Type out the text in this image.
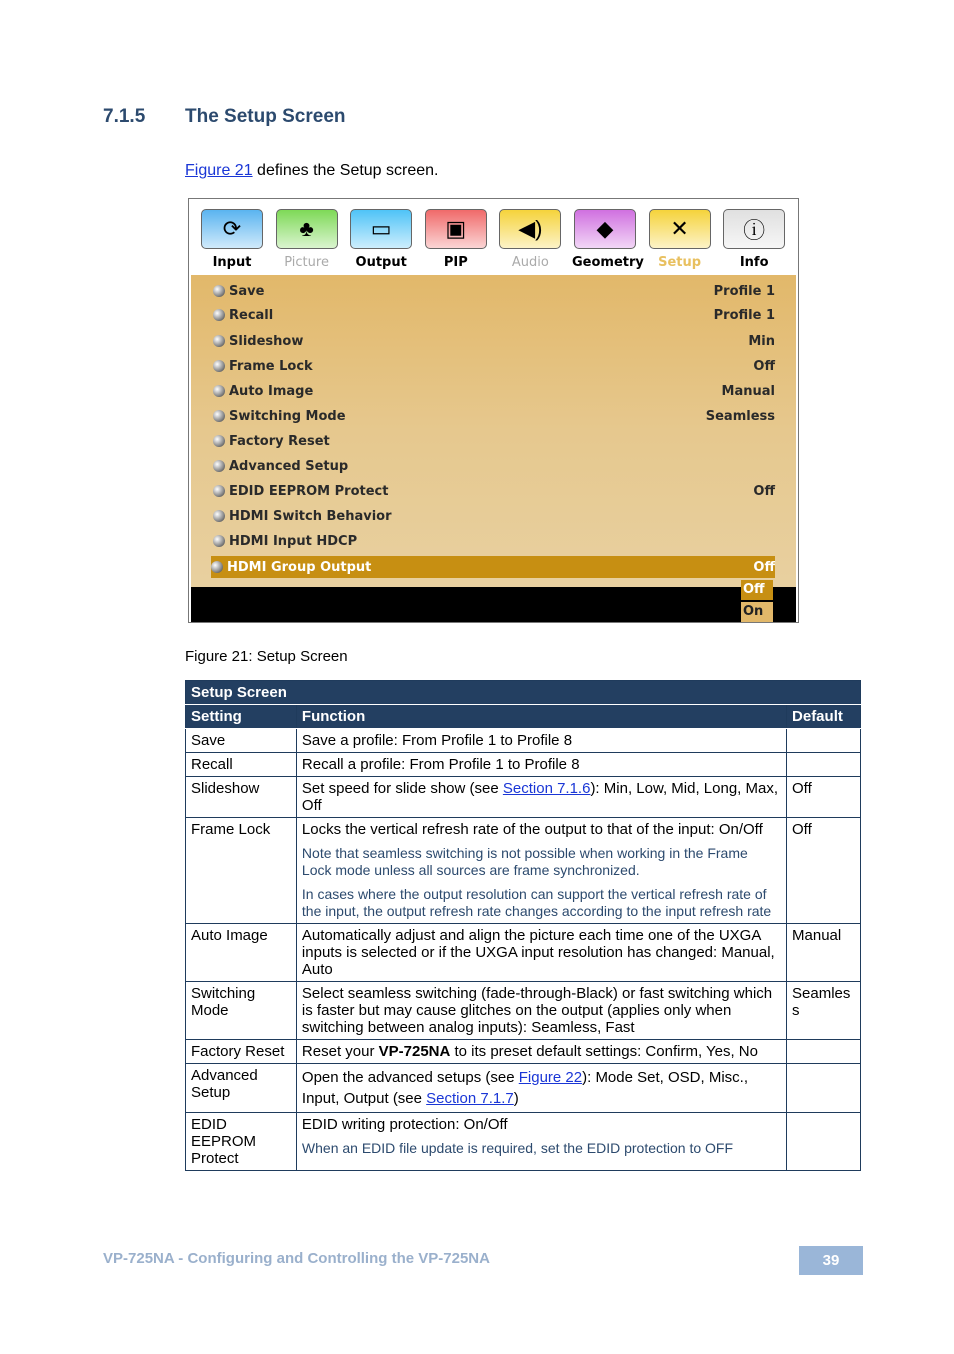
7.1.5 The Setup Screen
Figure 21 defines the Setup screen.
⟳
Input
♣
Picture
▭
Output
▣
PIP
◀)
Audio
◆
Geometry
✕
Setup
ⓘ
Info
Save	Profile 1
Recall	Profile 1
Slideshow	Min
Frame Lock	Off
Auto Image	Manual
Switching Mode	Seamless
Factory Reset
Advanced Setup
EDID EEPROM Protect	Off
HDMI Switch Behavior
HDMI Input HDCP
HDMI Group Output	Off
Off
On
Figure 21: Setup Screen
Setup Screen		
Setting	Function	Default
Save	Save a profile: From Profile 1 to Profile 8	
Recall	Recall a profile: From Profile 1 to Profile 8	
Slideshow	Set speed for slide show (see Section 7.1.6): Min, Low, Mid, Long, Max, Off	Off
Frame Lock	Locks the vertical refresh rate of the output to that of the input: On/Off
Note that seamless switching is not possible when working in the Frame Lock mode unless all sources are frame synchronized.
In cases where the output resolution can support the vertical refresh rate of the input, the output refresh rate changes according to the input refresh rate	Off
Auto Image	Automatically adjust and align the picture each time one of the UXGA inputs is selected or if the UXGA input resolution has changed: Manual, Auto	Manual
Switching Mode	Select seamless switching (fade-through-Black) or fast switching which is faster but may cause glitches on the output (applies only when switching between analog inputs): Seamless, Fast	Seamless
Factory Reset	Reset your VP-725NA to its preset default settings: Confirm, Yes, No	
Advanced Setup	Open the advanced setups (see Figure 22): Mode Set, OSD, Misc., Input, Output (see Section 7.1.7)	
EDID EEPROM Protect	EDID writing protection: On/Off
When an EDID file update is required, set the EDID protection to OFF	

VP-725NA - Configuring and Controlling the VP-725NA	39
